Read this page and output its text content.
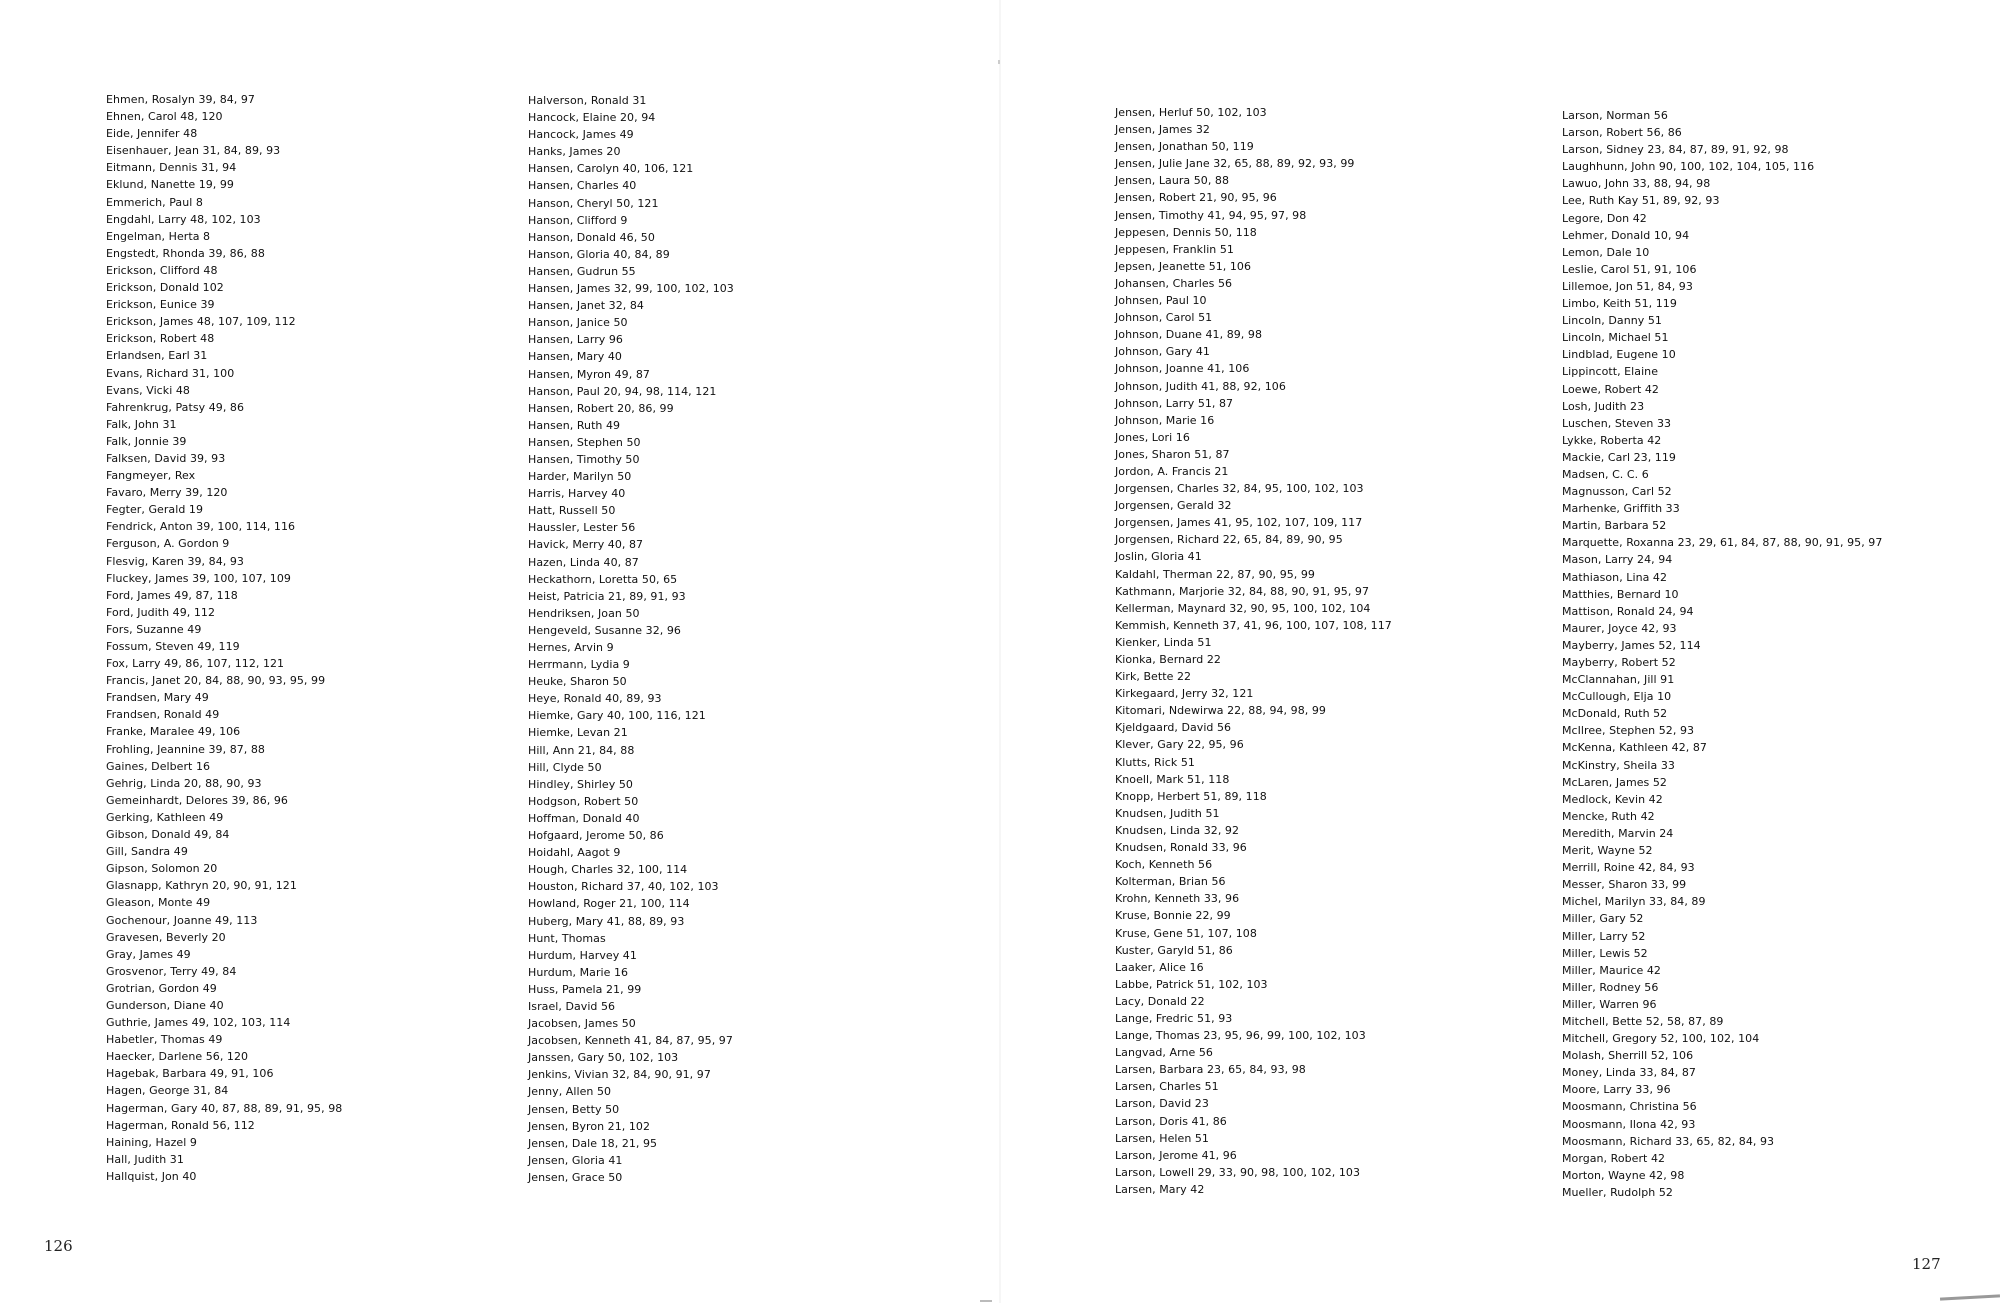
Ehmen, Rosalyn 39, 84, 97
Ehnen, Carol 48, 120
Eide, Jennifer 48
Eisenhauer, Jean 31, 84, 89, 93
Eitmann, Dennis 31, 94
Eklund, Nanette 19, 99
Emmerich, Paul 8
Engdahl, Larry 48, 102, 103
Engelman, Herta 8
Engstedt, Rhonda 39, 86, 88
Erickson, Clifford 48
Erickson, Donald 102
Erickson, Eunice 39
Erickson, James 48, 107, 109, 112
Erickson, Robert 48
Erlandsen, Earl 31
Evans, Richard 31, 100
Evans, Vicki 48
Fahrenkrug, Patsy 49, 86
Falk, John 31
Falk, Jonnie 39
Falksen, David 39, 93
Fangmeyer, Rex
Favaro, Merry 39, 120
Fegter, Gerald 19
Fendrick, Anton 39, 100, 114, 116
Ferguson, A. Gordon 9
Flesvig, Karen 39, 84, 93
Fluckey, James 39, 100, 107, 109
Ford, James 49, 87, 118
Ford, Judith 49, 112
Fors, Suzanne 49
Fossum, Steven 49, 119
Fox, Larry 49, 86, 107, 112, 121
Francis, Janet 20, 84, 88, 90, 93, 95, 99
Frandsen, Mary 49
Frandsen, Ronald 49
Franke, Maralee 49, 106
Frohling, Jeannine 39, 87, 88
Gaines, Delbert 16
Gehrig, Linda 20, 88, 90, 93
Gemeinhardt, Delores 39, 86, 96
Gerking, Kathleen 49
Gibson, Donald 49, 84
Gill, Sandra 49
Gipson, Solomon 20
Glasnapp, Kathryn 20, 90, 91, 121
Gleason, Monte 49
Gochenour, Joanne 49, 113
Gravesen, Beverly 20
Gray, James 49
Grosvenor, Terry 49, 84
Grotrian, Gordon 49
Gunderson, Diane 40
Guthrie, James 49, 102, 103, 114
Habetler, Thomas 49
Haecker, Darlene 56, 120
Hagebak, Barbara 49, 91, 106
Hagen, George 31, 84
Hagerman, Gary 40, 87, 88, 89, 91, 95, 98
Hagerman, Ronald 56, 112
Haining, Hazel 9
Hall, Judith 31
Hallquist, Jon 40
Halverson, Ronald 31
Hancock, Elaine 20, 94
Hancock, James 49
Hanks, James 20
Hansen, Carolyn 40, 106, 121
Hansen, Charles 40
Hanson, Cheryl 50, 121
Hanson, Clifford 9
Hanson, Donald 46, 50
Hanson, Gloria 40, 84, 89
Hansen, Gudrun 55
Hansen, James 32, 99, 100, 102, 103
Hansen, Janet 32, 84
Hanson, Janice 50
Hansen, Larry 96
Hansen, Mary 40
Hansen, Myron 49, 87
Hanson, Paul 20, 94, 98, 114, 121
Hansen, Robert 20, 86, 99
Hansen, Ruth 49
Hansen, Stephen 50
Hansen, Timothy 50
Harder, Marilyn 50
Harris, Harvey 40
Hatt, Russell 50
Haussler, Lester 56
Havick, Merry 40, 87
Hazen, Linda 40, 87
Heckathorn, Loretta 50, 65
Heist, Patricia 21, 89, 91, 93
Hendriksen, Joan 50
Hengeveld, Susanne 32, 96
Hernes, Arvin 9
Herrmann, Lydia 9
Heuke, Sharon 50
Heye, Ronald 40, 89, 93
Hiemke, Gary 40, 100, 116, 121
Hiemke, Levan 21
Hill, Ann 21, 84, 88
Hill, Clyde 50
Hindley, Shirley 50
Hodgson, Robert 50
Hoffman, Donald 40
Hofgaard, Jerome 50, 86
Hoidahl, Aagot 9
Hough, Charles 32, 100, 114
Houston, Richard 37, 40, 102, 103
Howland, Roger 21, 100, 114
Huberg, Mary 41, 88, 89, 93
Hunt, Thomas
Hurdum, Harvey 41
Hurdum, Marie 16
Huss, Pamela 21, 99
Israel, David 56
Jacobsen, James 50
Jacobsen, Kenneth 41, 84, 87, 95, 97
Janssen, Gary 50, 102, 103
Jenkins, Vivian 32, 84, 90, 91, 97
Jenny, Allen 50
Jensen, Betty 50
Jensen, Byron 21, 102
Jensen, Dale 18, 21, 95
Jensen, Gloria 41
Jensen, Grace 50
Jensen, Herluf 50, 102, 103
Jensen, James 32
Jensen, Jonathan 50, 119
Jensen, Julie Jane 32, 65, 88, 89, 92, 93, 99
Jensen, Laura 50, 88
Jensen, Robert 21, 90, 95, 96
Jensen, Timothy 41, 94, 95, 97, 98
Jeppesen, Dennis 50, 118
Jeppesen, Franklin 51
Jepsen, Jeanette 51, 106
Johansen, Charles 56
Johnsen, Paul 10
Johnson, Carol 51
Johnson, Duane 41, 89, 98
Johnson, Gary 41
Johnson, Joanne 41, 106
Johnson, Judith 41, 88, 92, 106
Johnson, Larry 51, 87
Johnson, Marie 16
Jones, Lori 16
Jones, Sharon 51, 87
Jordon, A. Francis 21
Jorgensen, Charles 32, 84, 95, 100, 102, 103
Jorgensen, Gerald 32
Jorgensen, James 41, 95, 102, 107, 109, 117
Jorgensen, Richard 22, 65, 84, 89, 90, 95
Joslin, Gloria 41
Kaldahl, Therman 22, 87, 90, 95, 99
Kathmann, Marjorie 32, 84, 88, 90, 91, 95, 97
Kellerman, Maynard 32, 90, 95, 100, 102, 104
Kemmish, Kenneth 37, 41, 96, 100, 107, 108, 117
Kienker, Linda 51
Kionka, Bernard 22
Kirk, Bette 22
Kirkegaard, Jerry 32, 121
Kitomari, Ndewirwa 22, 88, 94, 98, 99
Kjeldgaard, David 56
Klever, Gary 22, 95, 96
Klutts, Rick 51
Knoell, Mark 51, 118
Knopp, Herbert 51, 89, 118
Knudsen, Judith 51
Knudsen, Linda 32, 92
Knudsen, Ronald 33, 96
Koch, Kenneth 56
Kolterman, Brian 56
Krohn, Kenneth 33, 96
Kruse, Bonnie 22, 99
Kruse, Gene 51, 107, 108
Kuster, Garyld 51, 86
Laaker, Alice 16
Labbe, Patrick 51, 102, 103
Lacy, Donald 22
Lange, Fredric 51, 93
Lange, Thomas 23, 95, 96, 99, 100, 102, 103
Langvad, Arne 56
Larsen, Barbara 23, 65, 84, 93, 98
Larsen, Charles 51
Larson, David 23
Larson, Doris 41, 86
Larsen, Helen 51
Larson, Jerome 41, 96
Larson, Lowell 29, 33, 90, 98, 100, 102, 103
Larsen, Mary 42
Larson, Norman 56
Larson, Robert 56, 86
Larson, Sidney 23, 84, 87, 89, 91, 92, 98
Laughhunn, John 90, 100, 102, 104, 105, 116
Lawuo, John 33, 88, 94, 98
Lee, Ruth Kay 51, 89, 92, 93
Legore, Don 42
Lehmer, Donald 10, 94
Lemon, Dale 10
Leslie, Carol 51, 91, 106
Lillemoe, Jon 51, 84, 93
Limbo, Keith 51, 119
Lincoln, Danny 51
Lincoln, Michael 51
Lindblad, Eugene 10
Lippincott, Elaine
Loewe, Robert 42
Losh, Judith 23
Luschen, Steven 33
Lykke, Roberta 42
Mackie, Carl 23, 119
Madsen, C. C. 6
Magnusson, Carl 52
Marhenke, Griffith 33
Martin, Barbara 52
Marquette, Roxanna 23, 29, 61, 84, 87, 88, 90, 91, 95, 97
Mason, Larry 24, 94
Mathiason, Lina 42
Matthies, Bernard 10
Mattison, Ronald 24, 94
Maurer, Joyce 42, 93
Mayberry, James 52, 114
Mayberry, Robert 52
McClannahan, Jill 91
McCullough, Elja 10
McDonald, Ruth 52
McIlree, Stephen 52, 93
McKenna, Kathleen 42, 87
McKinstry, Sheila 33
McLaren, James 52
Medlock, Kevin 42
Mencke, Ruth 42
Meredith, Marvin 24
Merit, Wayne 52
Merrill, Roine 42, 84, 93
Messer, Sharon 33, 99
Michel, Marilyn 33, 84, 89
Miller, Gary 52
Miller, Larry 52
Miller, Lewis 52
Miller, Maurice 42
Miller, Rodney 56
Miller, Warren 96
Mitchell, Bette 52, 58, 87, 89
Mitchell, Gregory 52, 100, 102, 104
Molash, Sherrill 52, 106
Money, Linda 33, 84, 87
Moore, Larry 33, 96
Moosmann, Christina 56
Moosmann, Ilona 42, 93
Moosmann, Richard 33, 65, 82, 84, 93
Morgan, Robert 42
Morton, Wayne 42, 98
Mueller, Rudolph 52
126
127
